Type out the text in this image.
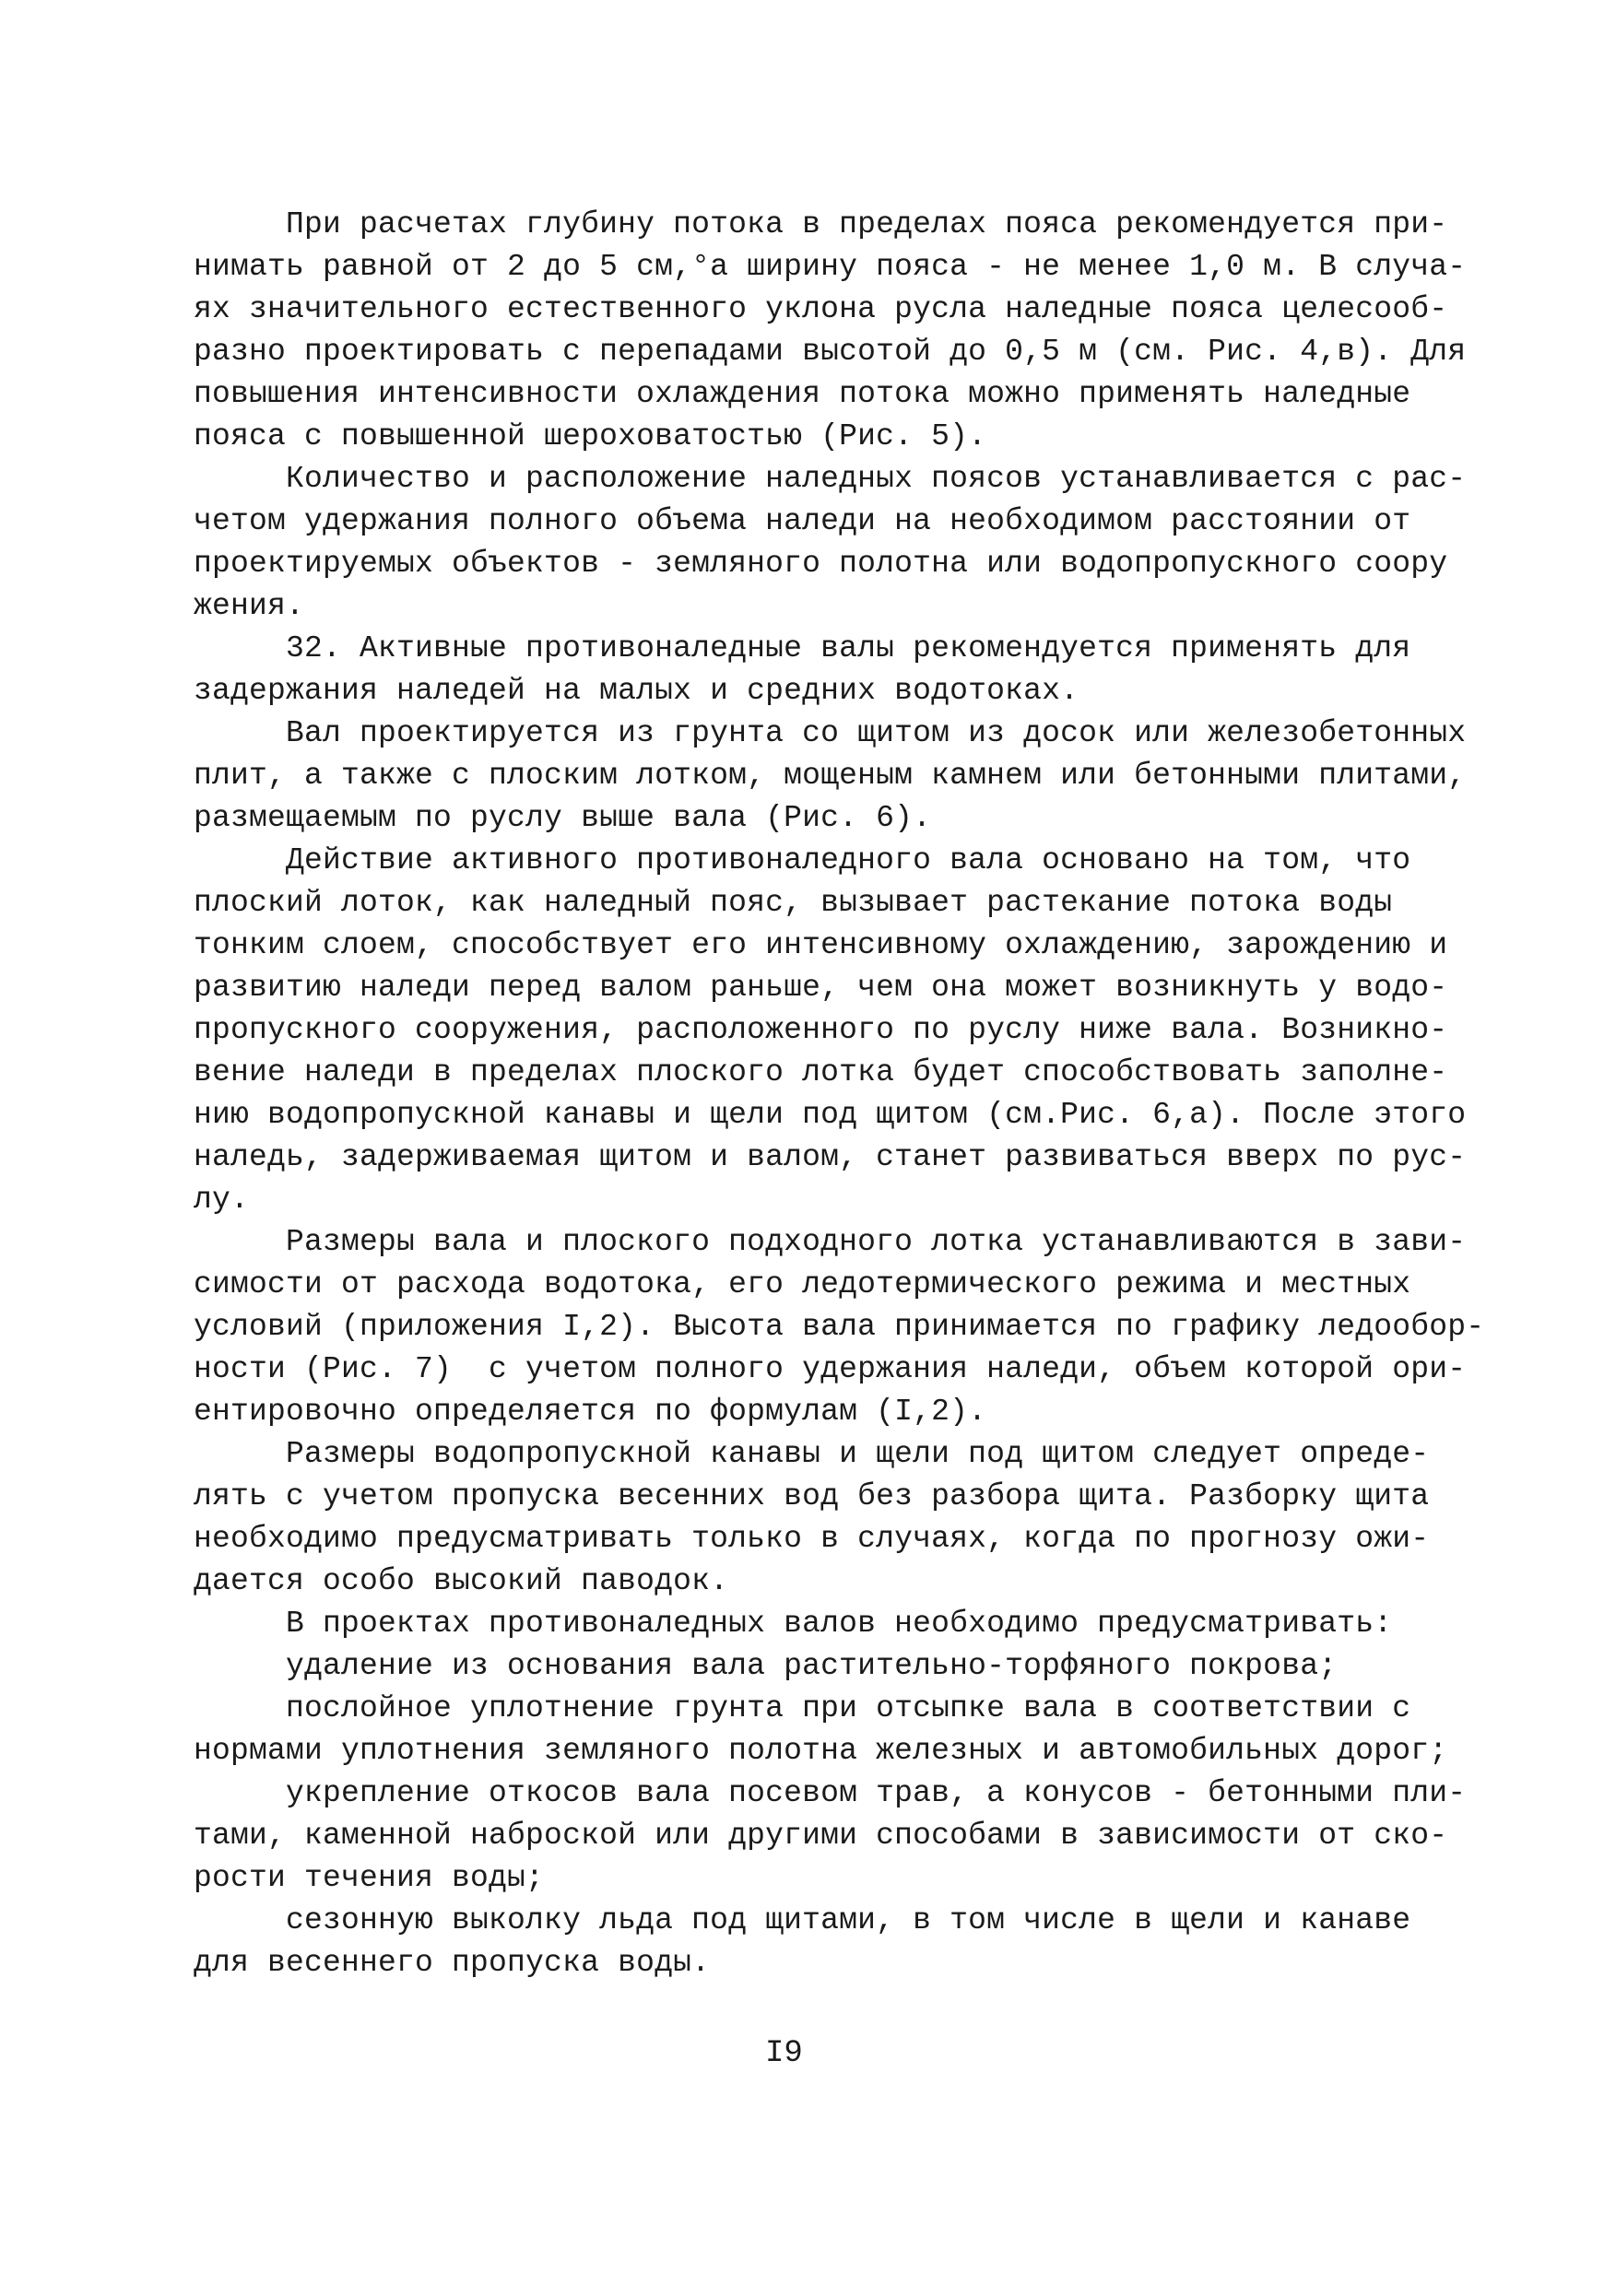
При расчетах глубину потока в пределах пояса рекомендуется при-

нимать равной от 2 до 5 см,°а ширину пояса - не менее 1,0 м. В случа-

ях значительного естественного уклона русла наледные пояса целесооб-

разно проектировать с перепадами высотой до 0,5 м (см. Рис. 4,в). Для

повышения интенсивности охлаждения потока можно применять наледные

пояса с повышенной шероховатостью (Рис. 5).

Количество и расположение наледных поясов устанавливается с рас-

четом удержания полного объема наледи на необходимом расстоянии от

проектируемых объектов - земляного полотна или водопропускного соору

жения.

32. Активные противоналедные валы рекомендуется применять для

задержания наледей на малых и средних водотоках.

Вал проектируется из грунта со щитом из досок или железобетонных

плит, а также с плоским лотком, мощеным камнем или бетонными плитами,

размещаемым по руслу выше вала (Рис. 6).

Действие активного противоналедного вала основано на том, что

плоский лоток, как наледный пояс, вызывает растекание потока воды

тонким слоем, способствует его интенсивному охлаждению, зарождению и

развитию наледи перед валом раньше, чем она может возникнуть у водо-

пропускного сооружения, расположенного по руслу ниже вала. Возникно-

вение наледи в пределах плоского лотка будет способствовать заполне-

нию водопропускной канавы и щели под щитом (см.Рис. 6,а). После этого

наледь, задерживаемая щитом и валом, станет развиваться вверх по рус-

лу.

Размеры вала и плоского подходного лотка устанавливаются в зави-

симости от расхода водотока, его ледотермического режима и местных

условий (приложения I,2). Высота вала принимается по графику ледообор-

ности (Рис. 7)  с учетом полного удержания наледи, объем которой ори-

ентировочно определяется по формулам (I,2).

Размеры водопропускной канавы и щели под щитом следует опреде-

лять с учетом пропуска весенних вод без разбора щита. Разборку щита

необходимо предусматривать только в случаях, когда по прогнозу ожи-

дается особо высокий паводок.

В проектах противоналедных валов необходимо предусматривать:

удаление из основания вала растительно-торфяного покрова;

послойное уплотнение грунта при отсыпке вала в соответствии с

нормами уплотнения земляного полотна железных и автомобильных дорог;

укрепление откосов вала посевом трав, а конусов - бетонными пли-

тами, каменной наброской или другими способами в зависимости от ско-

рости течения воды;

сезонную выколку льда под щитами, в том числе в щели и канаве

для весеннего пропуска воды.

I9
